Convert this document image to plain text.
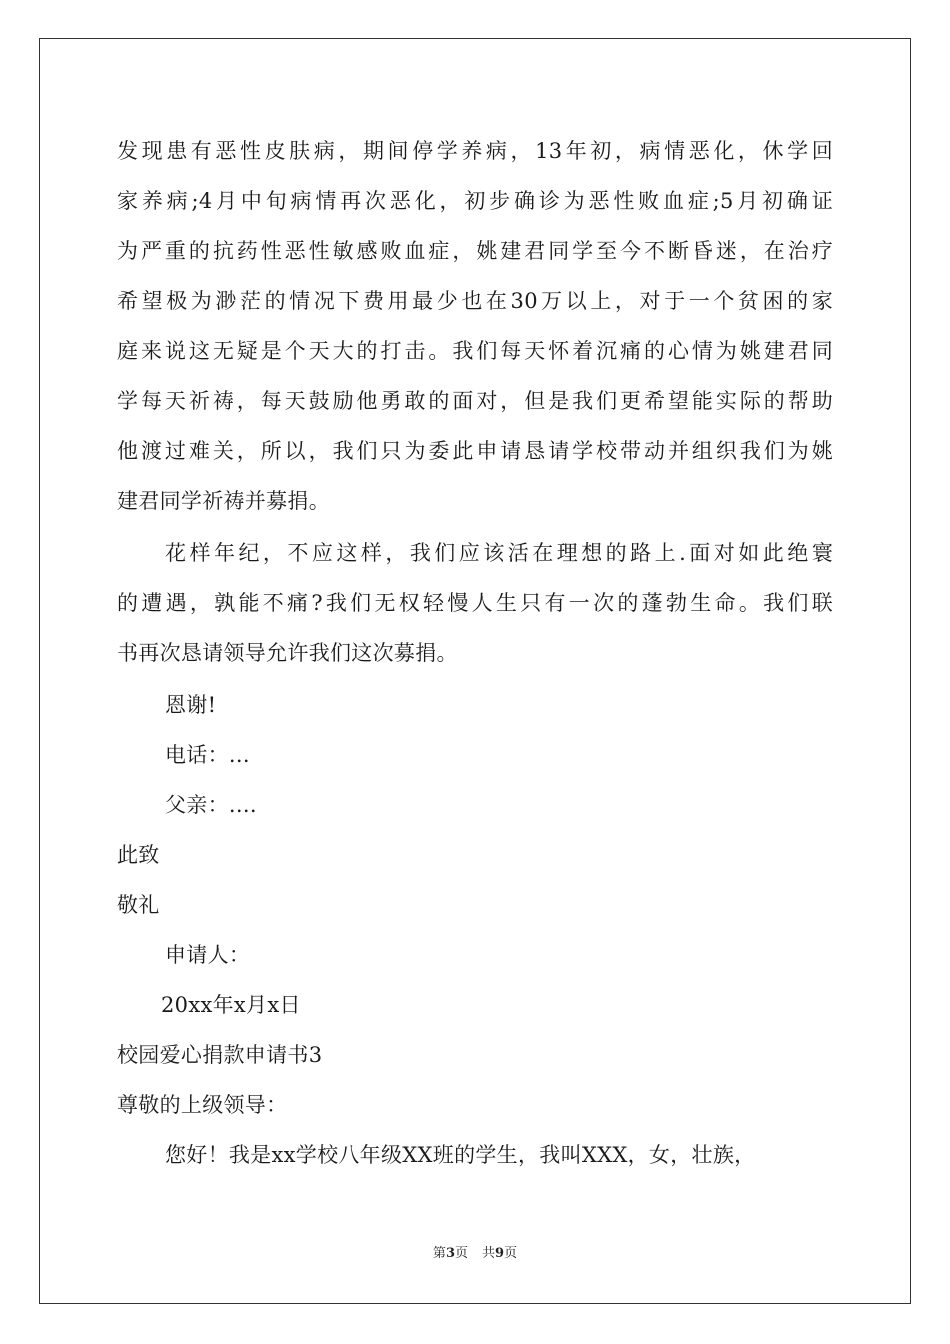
发现患有恶性皮肤病，期间停学养病，13年初，病情恶化，休学回
家养病;4月中旬病情再次恶化，初步确诊为恶性败血症;5月初确证
为严重的抗药性恶性敏感败血症，姚建君同学至今不断昏迷，在治疗
希望极为渺茫的情况下费用最少也在30万以上，对于一个贫困的家
庭来说这无疑是个天大的打击。我们每天怀着沉痛的心情为姚建君同
学每天祈祷，每天鼓励他勇敢的面对，但是我们更希望能实际的帮助
他渡过难关，所以，我们只为委此申请恳请学校带动并组织我们为姚
建君同学祈祷并募捐。
花样年纪，不应这样，我们应该活在理想的路上.面对如此绝寰
的遭遇，孰能不痛?我们无权轻慢人生只有一次的蓬勃生命。我们联
书再次恳请领导允许我们这次募捐。
恩谢!
电话：...
父亲：....
此致
敬礼
申请人：
20xx年x月x日
校园爱心捐款申请书3
尊敬的上级领导：
您好！我是xx学校八年级XX班的学生，我叫XXX，女，壮族，
第3页 共9页
